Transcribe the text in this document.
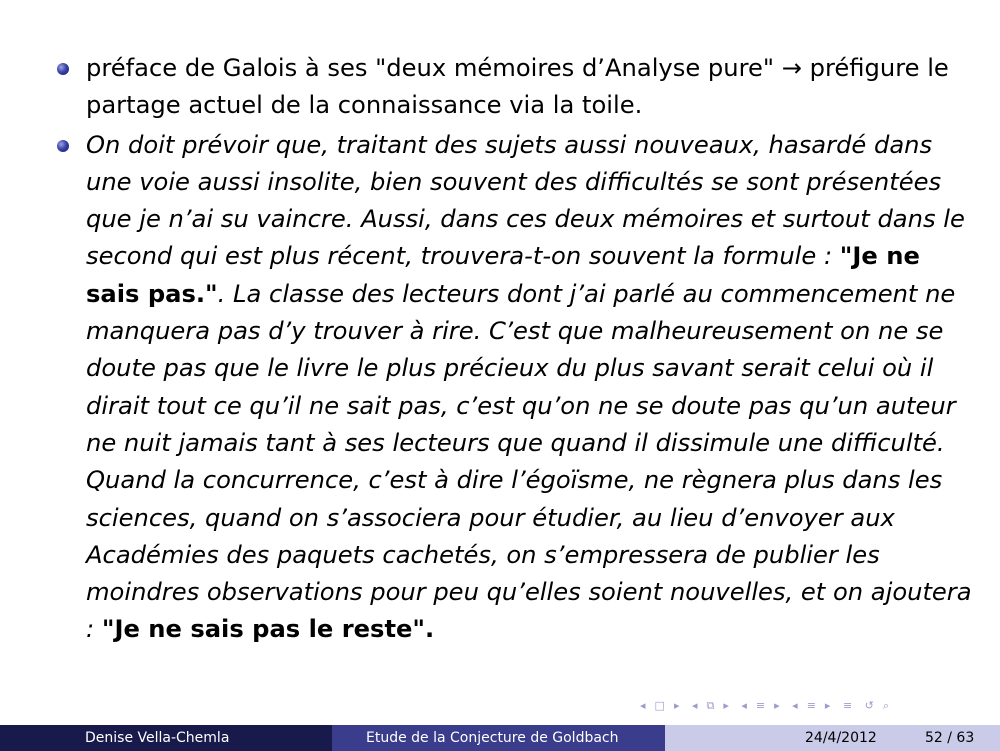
préface de Galois à ses "deux mémoires d’Analyse pure" → préfigure le partage actuel de la connaissance via la toile.
On doit prévoir que, traitant des sujets aussi nouveaux, hasardé dans une voie aussi insolite, bien souvent des difficultés se sont présentées que je n’ai su vaincre. Aussi, dans ces deux mémoires et surtout dans le second qui est plus récent, trouvera-t-on souvent la formule : "Je ne sais pas.". La classe des lecteurs dont j’ai parlé au commencement ne manquera pas d’y trouver à rire. C’est que malheureusement on ne se doute pas que le livre le plus précieux du plus savant serait celui où il dirait tout ce qu’il ne sait pas, c’est qu’on ne se doute pas qu’un auteur ne nuit jamais tant à ses lecteurs que quand il dissimule une difficulté. Quand la concurrence, c’est à dire l’égoïsme, ne règnera plus dans les sciences, quand on s’associera pour étudier, au lieu d’envoyer aux Académies des paquets cachetés, on s’empressera de publier les moindres observations pour peu qu’elles soient nouvelles, et on ajoutera : "Je ne sais pas le reste".
◂ □ ▸ ◂ ⧉ ▸ ◂ ≡ ▸ ◂ ≡ ▸ ≡ ↺ ⌕
Denise Vella-Chemla	Etude de la Conjecture de Goldbach	24/4/2012	52 / 63
